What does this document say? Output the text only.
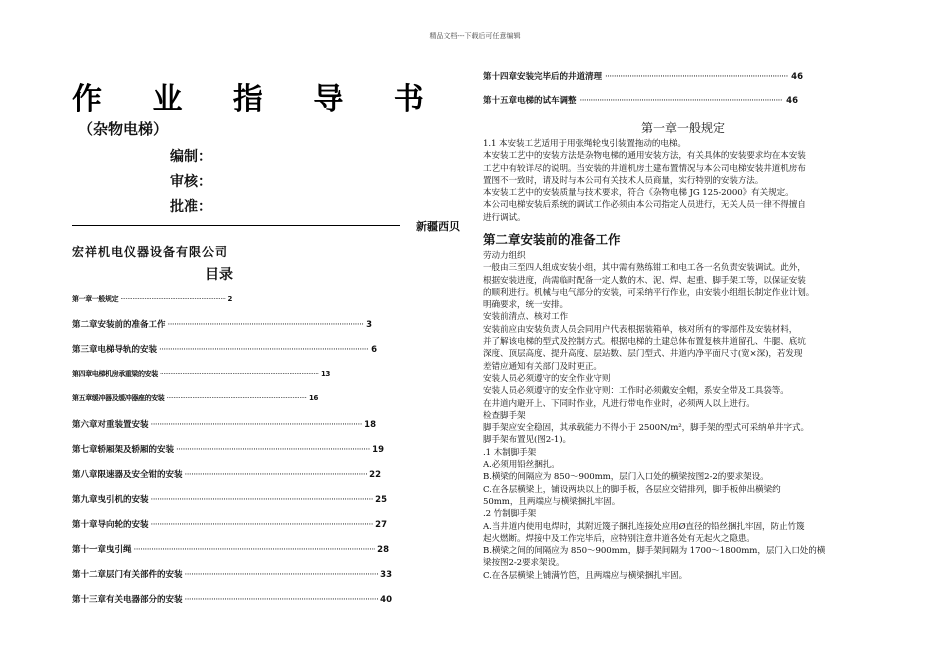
精品文档---下载后可任意编辑
作 业 指 导 书
（杂物电梯）
编制：
审核：
批准：
新疆西贝
宏祥机电仪器设备有限公司
目录
第一章一般规定 ·····	2
第二章安装前的准备工作 ·····	3
第三章电梯导轨的安装 ·····	6
第四章电梯机房承重梁的安装 ·····	13
第五章缓冲器及缓冲器座的安装 ·····	16
第六章对重装置安装 ·····	18
第七章轿厢架及轿厢的安装 ·····	19
第八章限速器及安全钳的安装 ·····	22
第九章曳引机的安装 ·····	25
第十章导向轮的安装 ·····	27
第十一章曳引绳 ·····	28
第十二章层门有关部件的安装 ·····	33
第十三章有关电器部分的安装 ·····	40
第十四章安装完毕后的井道清理 ·····	46
第十五章电梯的试车调整 ·····	46
第一章一般规定
1.1 本安装工艺适用于用张绳轮曳引装置拖动的电梯。
本安装工艺中的安装方法是杂物电梯的通用安装方法，有关具体的安装要求均在本安装
工艺中有较详尽的说明。当安装的井道机房土建布置情况与本公司电梯安装井道机房布
置图不一致时，请及时与本公司有关技术人员商量，实行特别的安装方法。
本安装工艺中的安装质量与技术要求，符合《杂物电梯 JG 125-2000》有关规定。
本公司电梯安装后系统的调试工作必须由本公司指定人员进行，无关人员一律不得擅自
进行调试。
第二章安装前的准备工作
劳动力组织
一般由三至四人组成安装小组，其中需有熟练钳工和电工各一名负责安装调试。此外，
根据安装进度，尚需临时配备一定人数的木、泥、焊、起重、脚手架工等，以保证安装
的顺利进行。机械与电气部分的安装，可采纳平行作业，由安装小组组长制定作业计划。
明确要求，统一安排。
安装前清点、核对工作
安装前应由安装负责人员会同用户代表根据装箱单，核对所有的零部件及安装材料，
并了解该电梯的型式及控制方式。根据电梯的土建总体布置复核井道留孔、牛腿、底坑
深度、顶层高度、提升高度、层站数、层门型式、井道内净平面尺寸(宽×深)，若发现
差错应通知有关部门及时更正。
安装人员必须遵守的安全作业守则
安装人员必须遵守的安全作业守则：工作时必须戴安全帽，系安全带及工具袋等。
在井道内避开上、下同时作业，凡进行带电作业时，必须两人以上进行。
检查脚手架
脚手架应安全稳固，其承载能力不得小于 2500N/m²，脚手架的型式可采纳单井字式。
脚手架布置见(图2-1)。
.1 木制脚手架
A.必须用铅丝捆扎。
B.横梁的间隔应为 850～900mm，层门入口处的横梁按图2-2的要求架设。
C.在各层横梁上，铺设两块以上的脚手板，各层应交错排列，脚手板伸出横梁约
50mm，且两端应与横梁捆扎牢固。
.2 竹制脚手架
A.当井道内使用电焊时，其附近篾子捆扎连接处应用Ø直径的铅丝捆扎牢固，防止竹篾
起火燃断。焊接中及工作完毕后，应特别注意井道各处有无起火之隐患。
B.横梁之间的间隔应为 850～900mm，脚手架间隔为 1700～1800mm，层门入口处的横
梁按图2-2要求架设。
C.在各层横梁上铺满竹笆，且两端应与横梁捆扎牢固。
